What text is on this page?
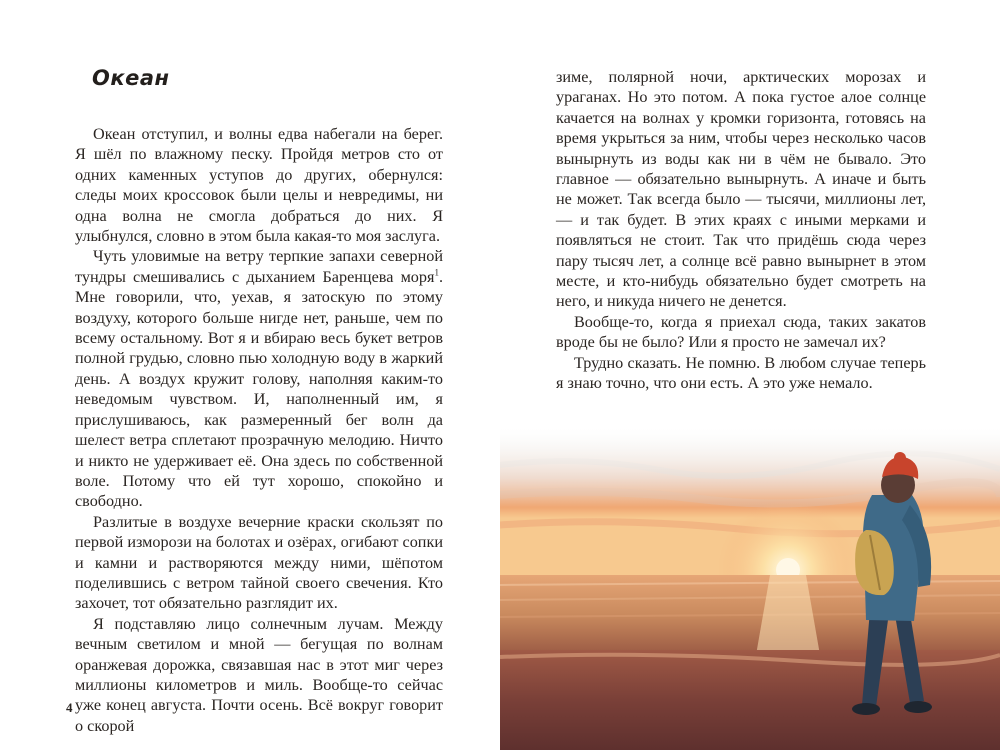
Океан

Океан отступил, и волны едва набегали на берег. Я шёл по влажному песку. Пройдя метров сто от одних каменных уступов до других, обернулся: следы моих кроссовок были целы и невредимы, ни одна волна не смогла добраться до них. Я улыбнулся, словно в этом была какая-то моя заслуга.

Чуть уловимые на ветру терпкие запахи северной тундры смешивались с дыханием Баренцева моря$^1$. Мне говорили, что, уехав, я затоскую по этому воздуху, которого больше нигде нет, раньше, чем по всему остальному. Вот я и вбираю весь букет ветров полной грудью, словно пью холодную воду в жаркий день. А воздух кружит голову, наполняя каким-то неведомым чувством. И, наполненный им, я прислушиваюсь, как размеренный бег волн да шелест ветра сплетают прозрачную мелодию. Ничто и никто не удерживает её. Она здесь по собственной воле. Потому что ей тут хорошо, спокойно и свободно.

Разлитые в воздухе вечерние краски скользят по первой изморози на болотах и озёрах, огибают сопки и камни и растворяются между ними, шёпотом поделившись с ветром тайной своего свечения. Кто захочет, тот обязательно разглядит их.

Я подставляю лицо солнечным лучам. Между вечным светилом и мной — бегущая по волнам оранжевая дорожка, связавшая нас в этот миг через миллионы километров и миль. Вообще-то сейчас уже конец августа. Почти осень. Всё вокруг говорит о скорой

4

зиме, полярной ночи, арктических морозах и ураганах. Но это потом. А пока густое алое солнце качается на волнах у кромки горизонта, готовясь на время укрыться за ним, чтобы через несколько часов вынырнуть из воды как ни в чём не бывало. Это главное — обязательно вынырнуть. А иначе и быть не может. Так всегда было — тысячи, миллионы лет, — и так будет. В этих краях с иными мерками и появляться не стоит. Так что придёшь сюда через пару тысяч лет, а солнце всё равно вынырнет в этом месте, и кто-нибудь обязательно будет смотреть на него, и никуда ничего не денется.

Вообще-то, когда я приехал сюда, таких закатов вроде бы не было? Или я просто не замечал их?

Трудно сказать. Не помню. В любом случае теперь я знаю точно, что они есть. А это уже немало.
